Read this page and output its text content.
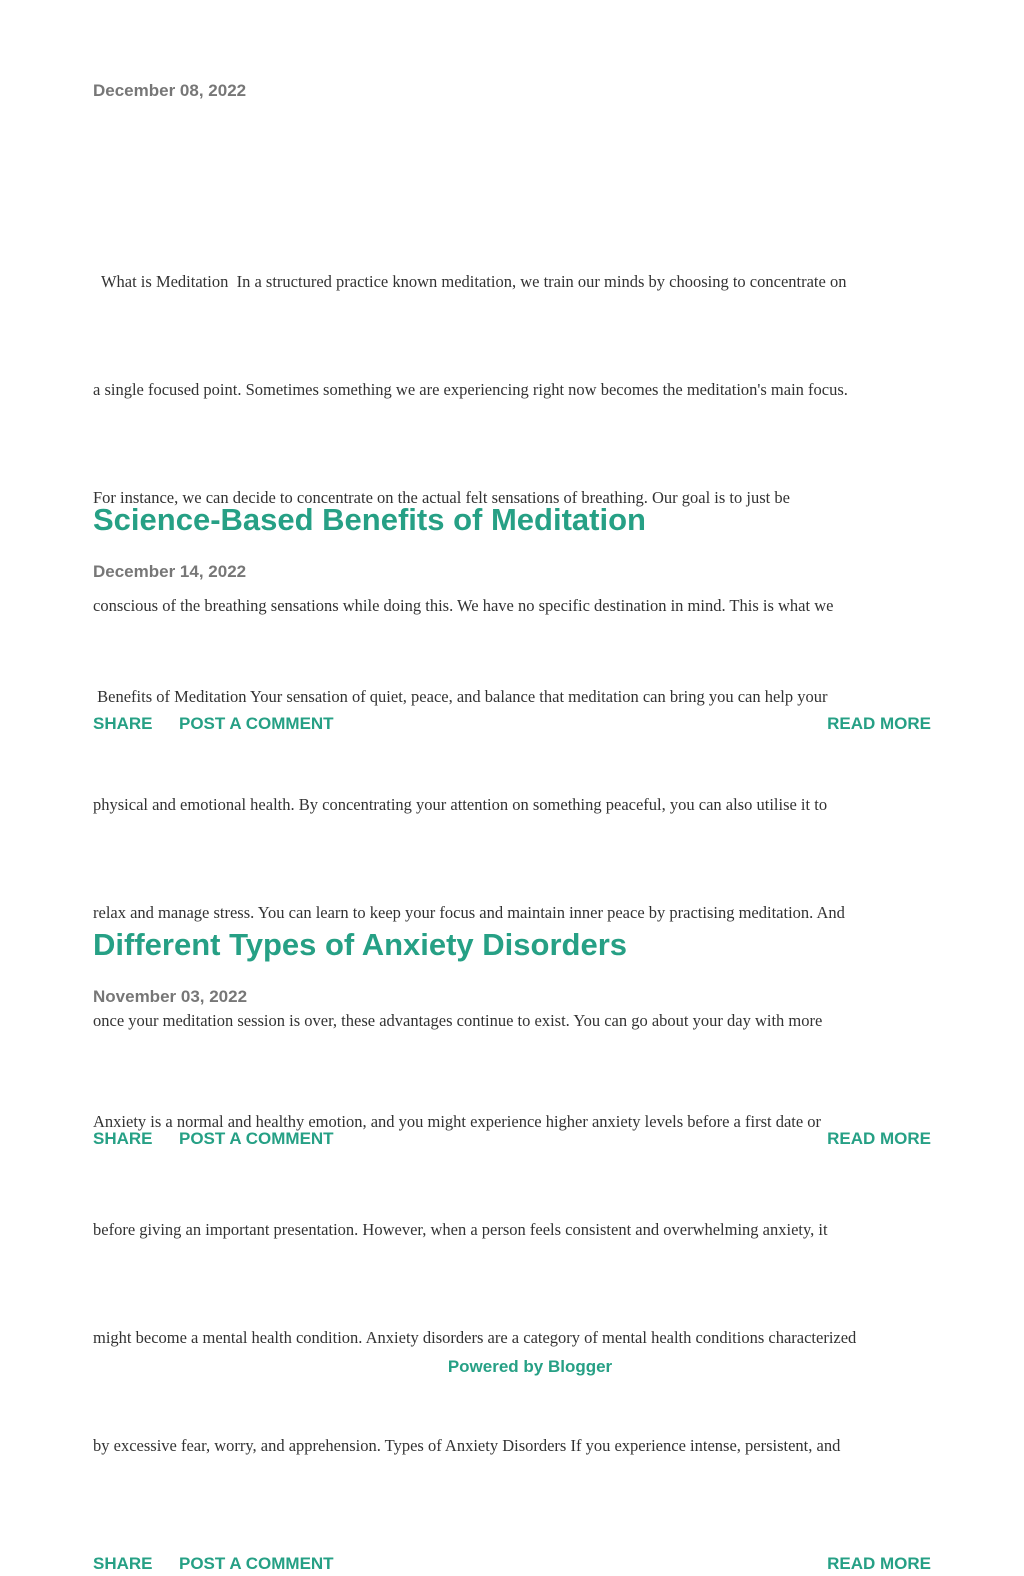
December 08, 2022

What is Meditation  In a structured practice known meditation, we train our minds by choosing to concentrate on

a single focused point. Sometimes something we are experiencing right now becomes the meditation's main focus.

For instance, we can decide to concentrate on the actual felt sensations of breathing. Our goal is to just be

conscious of the breathing sensations while doing this. We have no specific destination in mind. This is what we

SHARE POST A COMMENT	READ MORE
Science-Based Benefits of Meditation
December 14, 2022

Benefits of Meditation Your sensation of quiet, peace, and balance that meditation can bring you can help your

physical and emotional health. By concentrating your attention on something peaceful, you can also utilise it to

relax and manage stress. You can learn to keep your focus and maintain inner peace by practising meditation. And

once your meditation session is over, these advantages continue to exist. You can go about your day with more

SHARE POST A COMMENT	READ MORE
Different Types of Anxiety Disorders
November 03, 2022

Anxiety is a normal and healthy emotion, and you might experience higher anxiety levels before a first date or

before giving an important presentation. However, when a person feels consistent and overwhelming anxiety, it

might become a mental health condition. Anxiety disorders are a category of mental health conditions characterized

by excessive fear, worry, and apprehension. Types of Anxiety Disorders If you experience intense, persistent, and

SHARE POST A COMMENT	READ MORE
Powered by Blogger
